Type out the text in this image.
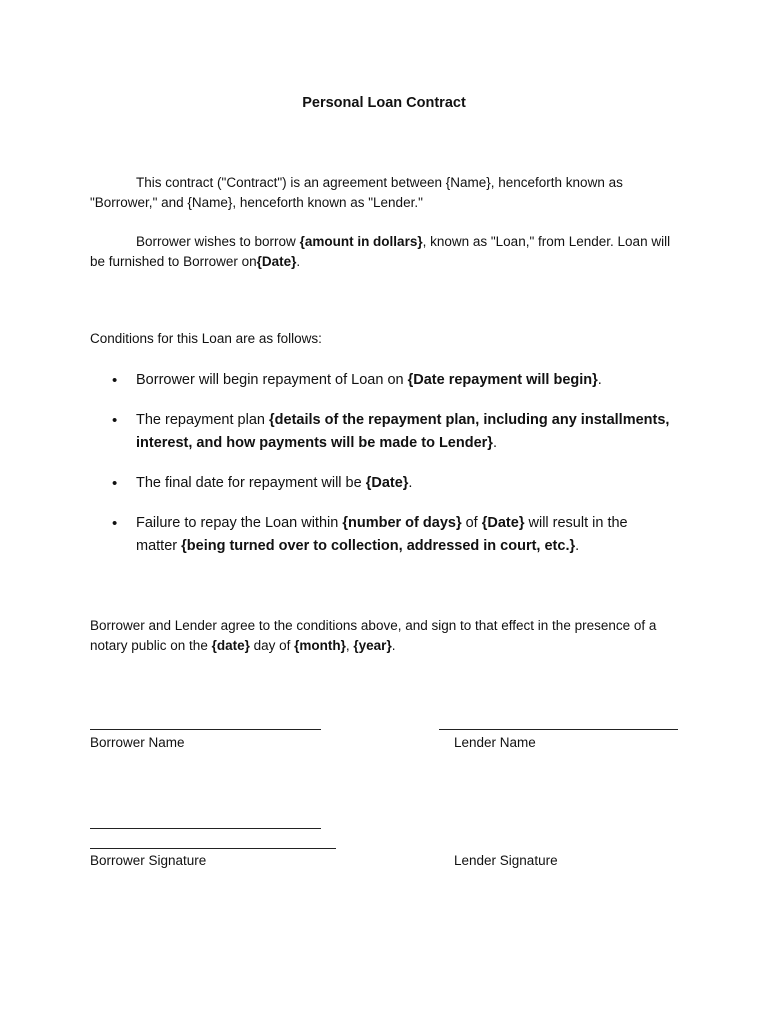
Personal Loan Contract
This contract ("Contract") is an agreement between {Name}, henceforth known as "Borrower," and {Name}, henceforth known as "Lender."
Borrower wishes to borrow {amount in dollars}, known as "Loan," from Lender. Loan will be furnished to Borrower on{Date}.
Conditions for this Loan are as follows:
• Borrower will begin repayment of Loan on {Date repayment will begin}.
• The repayment plan {details of the repayment plan, including any installments, interest, and how payments will be made to Lender}.
• The final date for repayment will be {Date}.
• Failure to repay the Loan within {number of days} of {Date} will result in the matter {being turned over to collection, addressed in court, etc.}.
Borrower and Lender agree to the conditions above, and sign to that effect in the presence of a notary public on the {date} day of {month}, {year}.
Borrower Name	Lender Name
Borrower Signature	Lender Signature
